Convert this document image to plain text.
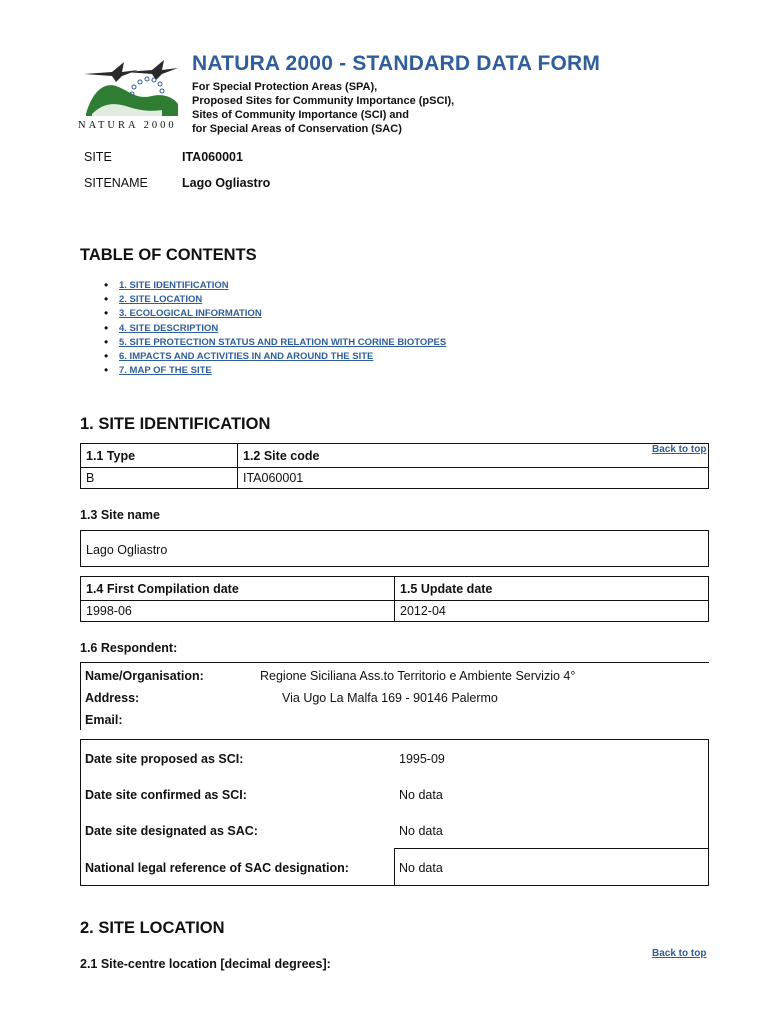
NATURA 2000
NATURA 2000 - STANDARD DATA FORM
For Special Protection Areas (SPA),
Proposed Sites for Community Importance (pSCI),
Sites of Community Importance (SCI) and
for Special Areas of Conservation (SAC)
SITE	ITA060001
SITENAME	Lago Ogliastro
TABLE OF CONTENTS
• 1. SITE IDENTIFICATION
• 2. SITE LOCATION
• 3. ECOLOGICAL INFORMATION
• 4. SITE DESCRIPTION
• 5. SITE PROTECTION STATUS AND RELATION WITH CORINE BIOTOPES
• 6. IMPACTS AND ACTIVITIES IN AND AROUND THE SITE
• 7. MAP OF THE SITE
1. SITE IDENTIFICATION
Back to top
1.1 Type	1.2 Site code
B	ITA060001
1.3 Site name
Lago Ogliastro
1.4 First Compilation date	1.5 Update date
1998-06	2012-04
1.6 Respondent:
Name/Organisation:	Regione Siciliana Ass.to Territorio e Ambiente Servizio 4°
Address:	Via Ugo La Malfa 169 - 90146 Palermo
Email:
Date site proposed as SCI:	1995-09
Date site confirmed as SCI:	No data
Date site designated as SAC:	No data
National legal reference of SAC designation:	No data
2. SITE LOCATION
Back to top
2.1 Site-centre location [decimal degrees]:
